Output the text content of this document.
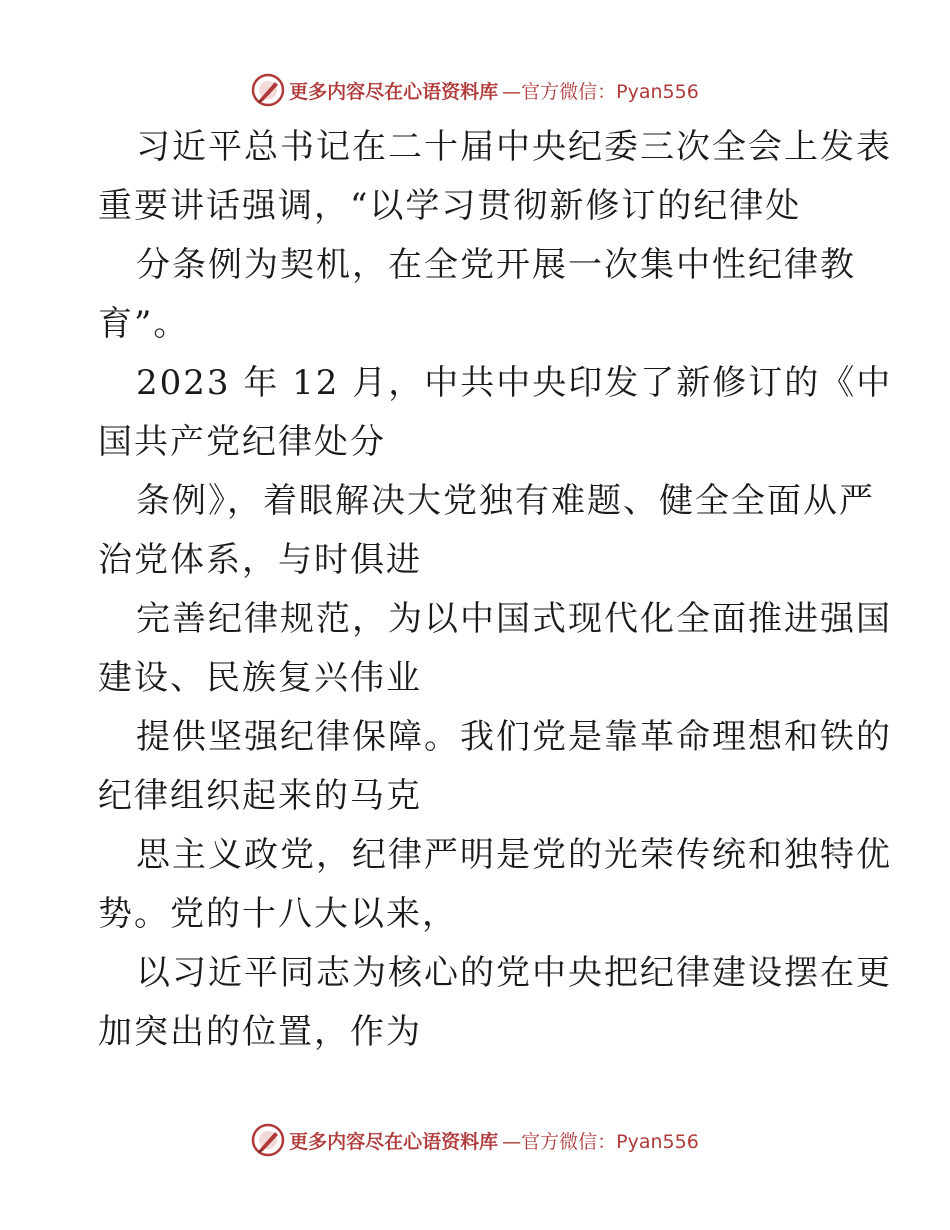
更多内容尽在心语资料库 —官方微信：Pyan556
习近平总书记在二十届中央纪委三次全会上发表
重要讲话强调，“以学习贯彻新修订的纪律处
分条例为契机，在全党开展一次集中性纪律教
育”。
2023 年 12 月，中共中央印发了新修订的《中
国共产党纪律处分
条例》，着眼解决大党独有难题、健全全面从严
治党体系，与时俱进
完善纪律规范，为以中国式现代化全面推进强国
建设、民族复兴伟业
提供坚强纪律保障。我们党是靠革命理想和铁的
纪律组织起来的马克
思主义政党，纪律严明是党的光荣传统和独特优
势。党的十八大以来，
以习近平同志为核心的党中央把纪律建设摆在更
加突出的位置，作为
更多内容尽在心语资料库 —官方微信：Pyan556
